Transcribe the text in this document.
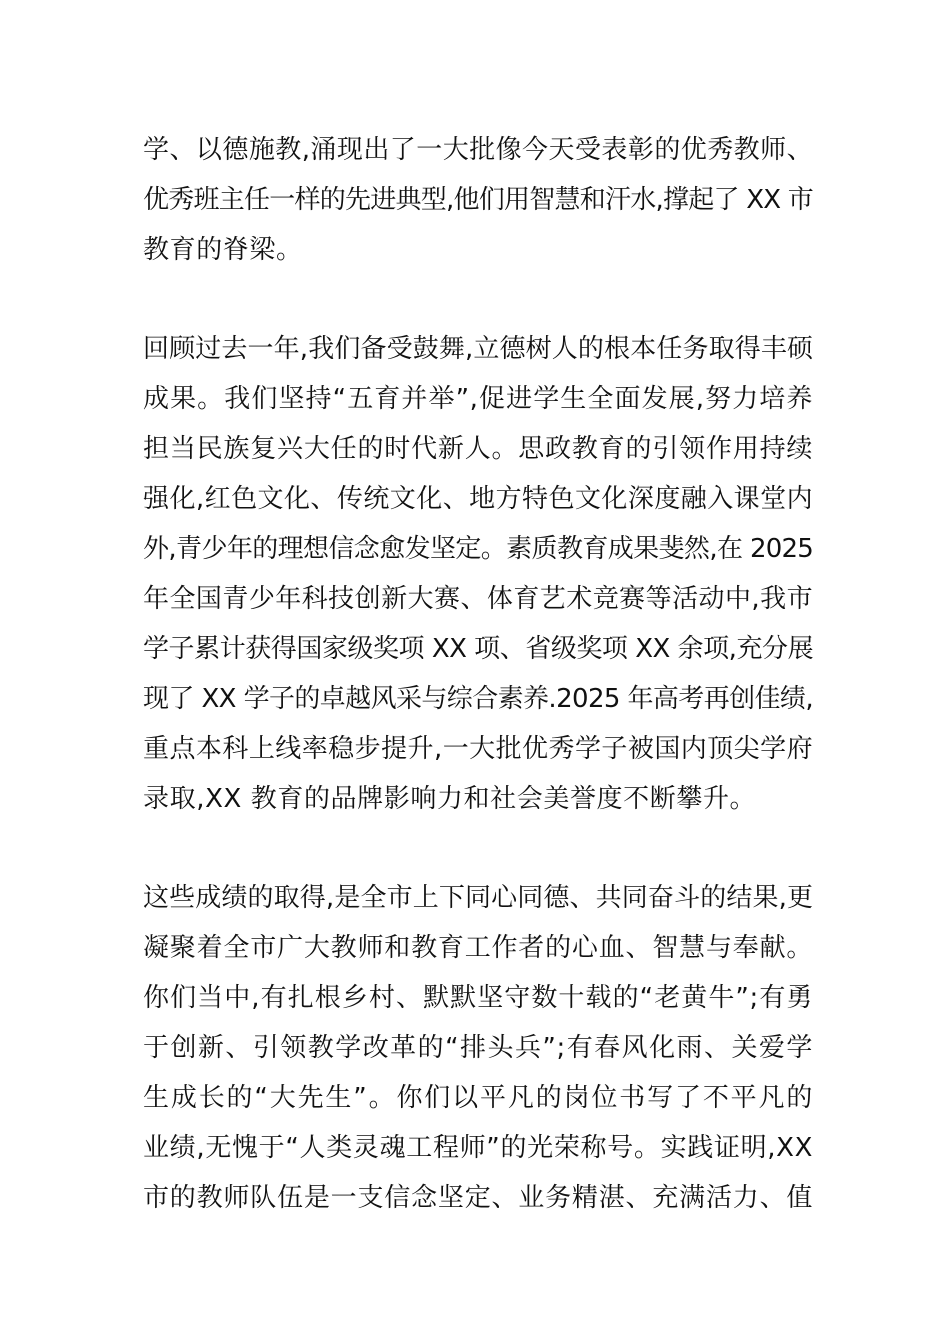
学、以德施教,涌现出了一大批像今天受表彰的优秀教师、
优秀班主任一样的先进典型,他们用智慧和汗水,撑起了 XX 市
教育的脊梁。
回顾过去一年,我们备受鼓舞,立德树人的根本任务取得丰硕
成果。我们坚持“五育并举”,促进学生全面发展,努力培养
担当民族复兴大任的时代新人。思政教育的引领作用持续
强化,红色文化、传统文化、地方特色文化深度融入课堂内
外,青少年的理想信念愈发坚定。素质教育成果斐然,在 2025
年全国青少年科技创新大赛、体育艺术竞赛等活动中,我市
学子累计获得国家级奖项 XX 项、省级奖项 XX 余项,充分展
现了 XX 学子的卓越风采与综合素养.2025 年高考再创佳绩,
重点本科上线率稳步提升,一大批优秀学子被国内顶尖学府
录取,XX 教育的品牌影响力和社会美誉度不断攀升。
这些成绩的取得,是全市上下同心同德、共同奋斗的结果,更
凝聚着全市广大教师和教育工作者的心血、智慧与奉献。
你们当中,有扎根乡村、默默坚守数十载的“老黄牛”;有勇
于创新、引领教学改革的“排头兵”;有春风化雨、关爱学
生成长的“大先生”。你们以平凡的岗位书写了不平凡的
业绩,无愧于“人类灵魂工程师”的光荣称号。实践证明,XX
市的教师队伍是一支信念坚定、业务精湛、充满活力、值
